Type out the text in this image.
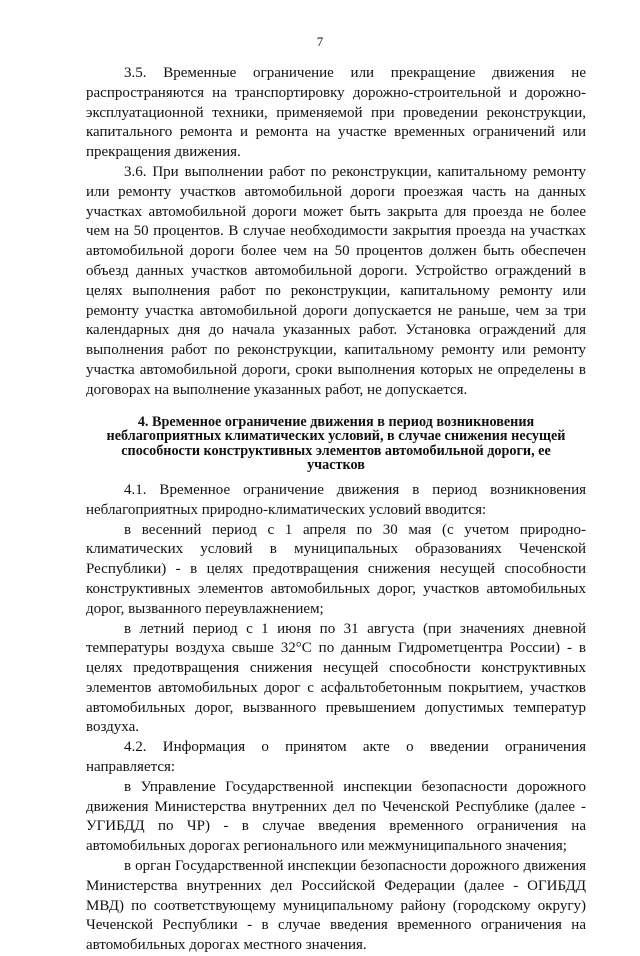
7

3.5. Временные ограничение или прекращение движения не распространяются на транспортировку дорожно-строительной и дорожно-эксплуатационной техники, применяемой при проведении реконструкции, капитального ремонта и ремонта на участке временных ограничений или прекращения движения.

3.6. При выполнении работ по реконструкции, капитальному ремонту или ремонту участков автомобильной дороги проезжая часть на данных участках автомобильной дороги может быть закрыта для проезда не более чем на 50 процентов. В случае необходимости закрытия проезда на участках автомобильной дороги более чем на 50 процентов должен быть обеспечен объезд данных участков автомобильной дороги. Устройство ограждений в целях выполнения работ по реконструкции, капитальному ремонту или ремонту участка автомобильной дороги допускается не раньше, чем за три календарных дня до начала указанных работ. Установка ограждений для выполнения работ по реконструкции, капитальному ремонту или ремонту участка автомобильной дороги, сроки выполнения которых не определены в договорах на выполнение указанных работ, не допускается.

4. Временное ограничение движения в период возникновения неблагоприятных климатических условий, в случае снижения несущей способности конструктивных элементов автомобильной дороги, ее участков

4.1. Временное ограничение движения в период возникновения неблагоприятных природно-климатических условий вводится:

в весенний период с 1 апреля по 30 мая (с учетом природно-климатических условий в муниципальных образованиях Чеченской Республики) - в целях предотвращения снижения несущей способности конструктивных элементов автомобильных дорог, участков автомобильных дорог, вызванного переувлажнением;

в летний период с 1 июня по 31 августа (при значениях дневной температуры воздуха свыше 32°С по данным Гидрометцентра России) - в целях предотвращения снижения несущей способности конструктивных элементов автомобильных дорог с асфальтобетонным покрытием, участков автомобильных дорог, вызванного превышением допустимых температур воздуха.

4.2. Информация о принятом акте о введении ограничения направляется:

в Управление Государственной инспекции безопасности дорожного движения Министерства внутренних дел по Чеченской Республике (далее - УГИБДД по ЧР) - в случае введения временного ограничения на автомобильных дорогах регионального или межмуниципального значения;

в орган Государственной инспекции безопасности дорожного движения Министерства внутренних дел Российской Федерации (далее - ОГИБДД МВД) по соответствующему муниципальному району (городскому округу) Чеченской Республики - в случае введения временного ограничения на автомобильных дорогах местного значения.
